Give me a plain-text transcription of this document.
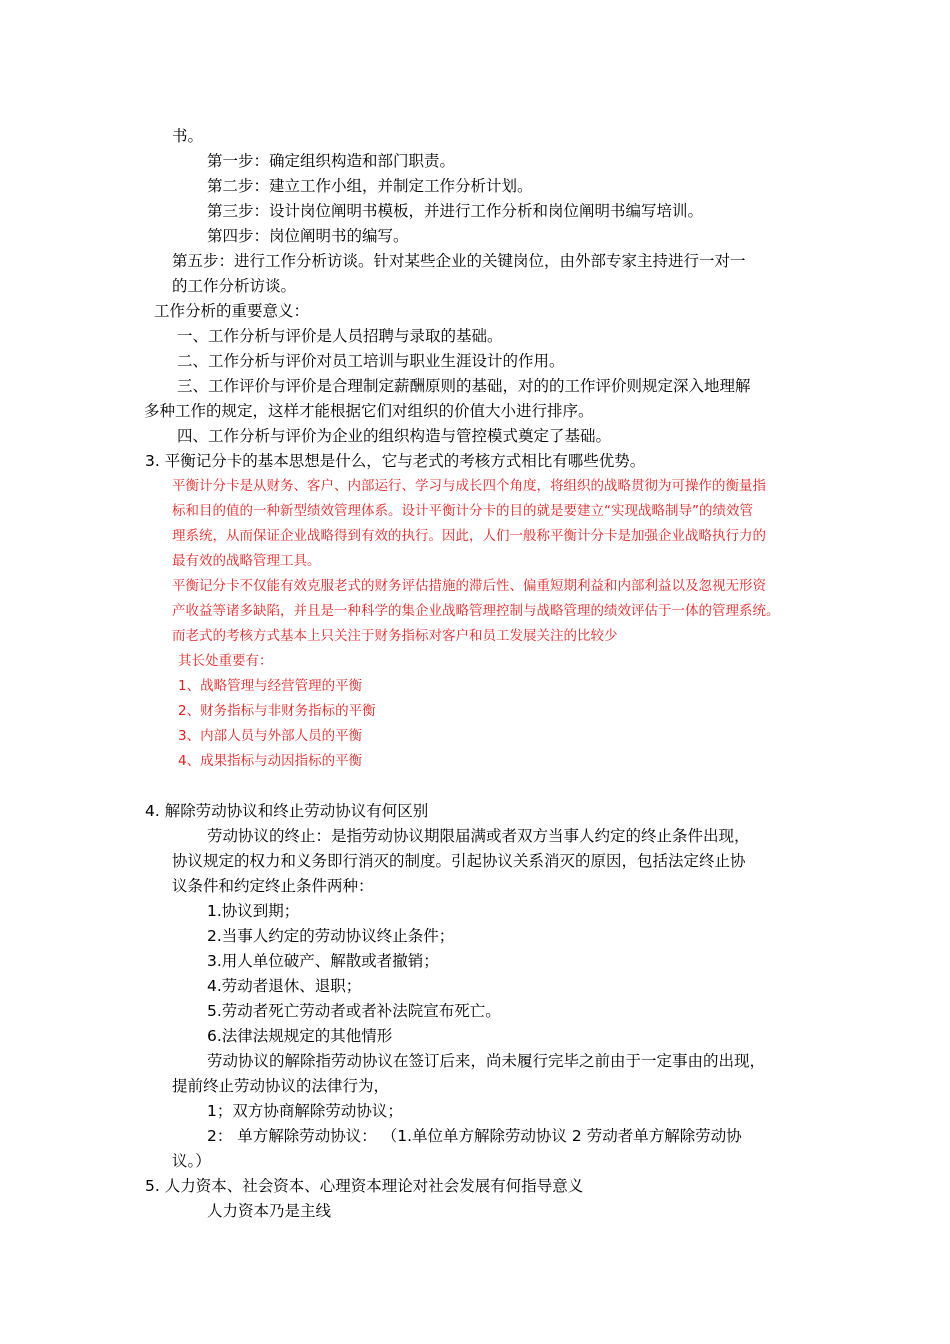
书。
第一步：确定组织构造和部门职责。
第二步：建立工作小组，并制定工作分析计划。
第三步：设计岗位阐明书模板，并进行工作分析和岗位阐明书编写培训。
第四步：岗位阐明书的编写。
第五步：进行工作分析访谈。针对某些企业的关键岗位，由外部专家主持进行一对一
的工作分析访谈。
工作分析的重要意义：
一、工作分析与评价是人员招聘与录取的基础。
二、工作分析与评价对员工培训与职业生涯设计的作用。
三、工作评价与评价是合理制定薪酬原则的基础，对的的工作评价则规定深入地理解
多种工作的规定，这样才能根据它们对组织的价值大小进行排序。
四、工作分析与评价为企业的组织构造与管控模式奠定了基础。
3. 平衡记分卡的基本思想是什么，它与老式的考核方式相比有哪些优势。
平衡计分卡是从财务、客户、内部运行、学习与成长四个角度，将组织的战略贯彻为可操作的衡量指
标和目的值的一种新型绩效管理体系。设计平衡计分卡的目的就是要建立“实现战略制导”的绩效管
理系统，从而保证企业战略得到有效的执行。因此，人们一般称平衡计分卡是加强企业战略执行力的
最有效的战略管理工具。
平衡记分卡不仅能有效克服老式的财务评估措施的滞后性、偏重短期利益和内部利益以及忽视无形资
产收益等诸多缺陷，并且是一种科学的集企业战略管理控制与战略管理的绩效评估于一体的管理系统。
而老式的考核方式基本上只关注于财务指标对客户和员工发展关注的比较少
其长处重要有：
1、战略管理与经营管理的平衡
2、财务指标与非财务指标的平衡
3、内部人员与外部人员的平衡
4、成果指标与动因指标的平衡
4. 解除劳动协议和终止劳动协议有何区别
劳动协议的终止：是指劳动协议期限届满或者双方当事人约定的终止条件出现，
协议规定的权力和义务即行消灭的制度。引起协议关系消灭的原因，包括法定终止协
议条件和约定终止条件两种：
1.协议到期；
2.当事人约定的劳动协议终止条件；
3.用人单位破产、解散或者撤销；
4.劳动者退休、退职；
5.劳动者死亡劳动者或者补法院宣布死亡。
6.法律法规规定的其他情形
劳动协议的解除指劳动协议在签订后来，尚未履行完毕之前由于一定事由的出现，
提前终止劳动协议的法律行为，
1；双方协商解除劳动协议；
2： 单方解除劳动协议： （1.单位单方解除劳动协议 2 劳动者单方解除劳动协
议。）
5. 人力资本、社会资本、心理资本理论对社会发展有何指导意义
人力资本乃是主线
